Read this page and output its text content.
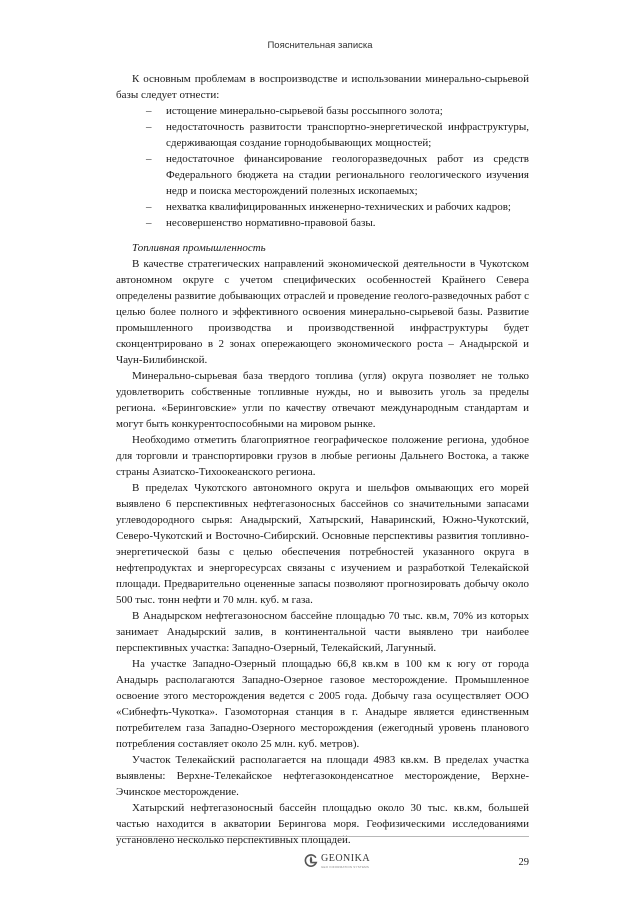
Пояснительная записка

К основным проблемам в воспроизводстве и использовании минерально-сырьевой базы следует отнести:

– истощение минерально-сырьевой базы россыпного золота;
– недостаточность развитости транспортно-энергетической инфраструктуры, сдерживающая создание горнодобывающих мощностей;
– недостаточное финансирование геологоразведочных работ из средств Федерального бюджета на стадии регионального геологического изучения недр и поиска месторождений полезных ископаемых;
– нехватка квалифицированных инженерно-технических и рабочих кадров;
– несовершенство нормативно-правовой базы.

Топливная промышленность

В качестве стратегических направлений экономической деятельности в Чукотском автономном округе с учетом специфических особенностей Крайнего Севера определены развитие добывающих отраслей и проведение геолого-разведочных работ с целью более полного и эффективного освоения минерально-сырьевой базы. Развитие промышленного производства и производственной инфраструктуры будет сконцентрировано в 2 зонах опережающего экономического роста – Анадырской и Чаун-Билибинской.

Минерально-сырьевая база твердого топлива (угля) округа позволяет не только удовлетворить собственные топливные нужды, но и вывозить уголь за пределы региона. «Беринговские» угли по качеству отвечают международным стандартам и могут быть конкурентоспособными на мировом рынке.

Необходимо отметить благоприятное географическое положение региона, удобное для торговли и транспортировки грузов в любые регионы Дальнего Востока, а также страны Азиатско-Тихоокеанского региона.

В пределах Чукотского автономного округа и шельфов омывающих его морей выявлено 6 перспективных нефтегазоносных бассейнов со значительными запасами углеводородного сырья: Анадырский, Хатырский, Наваринский, Южно-Чукотский, Северо-Чукотский и Восточно-Сибирский. Основные перспективы развития топливно-энергетической базы с целью обеспечения потребностей указанного округа в нефтепродуктах и энергоресурсах связаны с изучением и разработкой Телекайской площади. Предварительно оцененные запасы позволяют прогнозировать добычу около 500 тыс. тонн нефти и 70 млн. куб. м газа.

В Анадырском нефтегазоносном бассейне площадью 70 тыс. кв.м, 70% из которых занимает Анадырский залив, в континентальной части выявлено три наиболее перспективных участка: Западно-Озерный, Телекайский, Лагунный.

На участке Западно-Озерный площадью 66,8 кв.км в 100 км к югу от города Анадырь располагаются Западно-Озерное газовое месторождение. Промышленное освоение этого месторождения ведется с 2005 года. Добычу газа осуществляет ООО «Сибнефть-Чукотка». Газомоторная станция в г. Анадыре является единственным потребителем газа Западно-Озерного месторождения (ежегодный уровень планового потребления составляет около 25 млн. куб. метров).

Участок Телекайский располагается на площади 4983 кв.км. В пределах участка выявлены: Верхне-Телекайское нефтегазоконденсатное месторождение, Верхне-Эчинское месторождение.

Хатырский нефтегазоносный бассейн площадью около 30 тыс. кв.км, большей частью находится в акватории Берингова моря. Геофизическими исследованиями установлено несколько перспективных площадей.

GEONIKA
GEO INFORMATION SYSTEMS	29
